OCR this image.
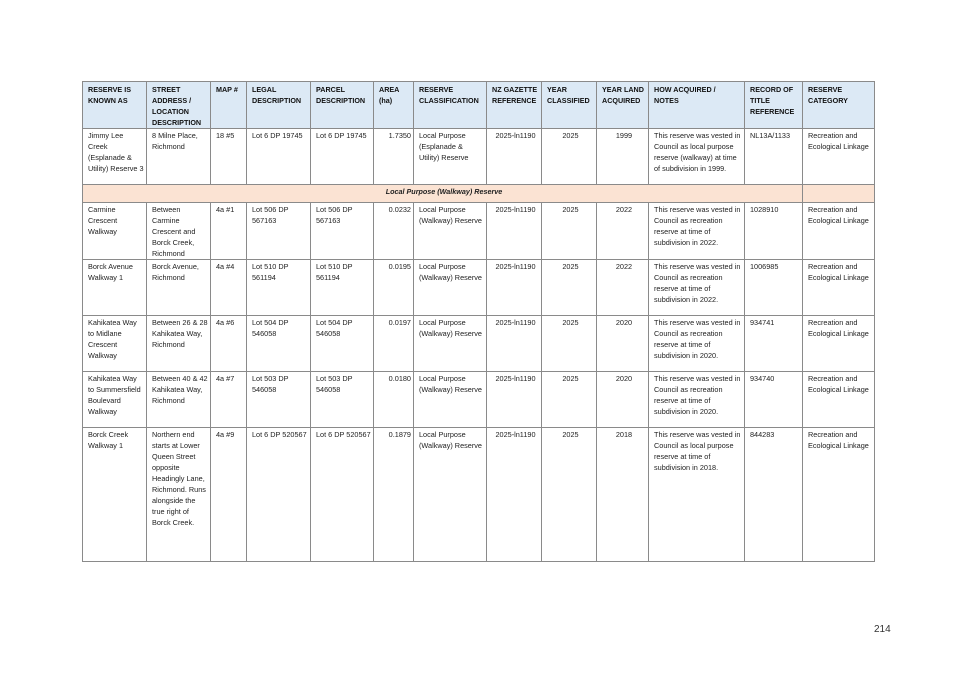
RESERVE IS KNOWN AS	STREET ADDRESS / LOCATION DESCRIPTION	MAP #	LEGAL DESCRIPTION	PARCEL DESCRIPTION	AREA (ha)	RESERVE CLASSIFICATION	NZ GAZETTE REFERENCE	YEAR CLASSIFIED	YEAR LAND ACQUIRED	HOW ACQUIRED / NOTES	RECORD OF TITLE REFERENCE	RESERVE CATEGORY
Jimmy Lee Creek (Esplanade & Utility) Reserve 3	8 Milne Place, Richmond	18 #5	Lot 6 DP 19745	Lot 6 DP 19745	1.7350	Local Purpose (Esplanade & Utility) Reserve	2025-ln1190	2025	1999	This reserve was vested in Council as local purpose reserve (walkway) at time of subdivision in 1999.	NL13A/1133	Recreation and Ecological Linkage
Local Purpose (Walkway) Reserve												
Carmine Crescent Walkway	Between Carmine Crescent and Borck Creek, Richmond	4a #1	Lot 506 DP 567163	Lot 506 DP 567163	0.0232	Local Purpose (Walkway) Reserve	2025-ln1190	2025	2022	This reserve was vested in Council as recreation reserve at time of subdivision in 2022.	1028910	Recreation and Ecological Linkage
Borck Avenue Walkway 1	Borck Avenue, Richmond	4a #4	Lot 510 DP 561194	Lot 510 DP 561194	0.0195	Local Purpose (Walkway) Reserve	2025-ln1190	2025	2022	This reserve was vested in Council as recreation reserve at time of subdivision in 2022.	1006985	Recreation and Ecological Linkage
Kahikatea Way to Midlane Crescent Walkway	Between 26 & 28 Kahikatea Way, Richmond	4a #6	Lot 504 DP 546058	Lot 504 DP 546058	0.0197	Local Purpose (Walkway) Reserve	2025-ln1190	2025	2020	This reserve was vested in Council as recreation reserve at time of subdivision in 2020.	934741	Recreation and Ecological Linkage
Kahikatea Way to Summersfield Boulevard Walkway	Between 40 & 42 Kahikatea Way, Richmond	4a #7	Lot 503 DP 546058	Lot 503 DP 546058	0.0180	Local Purpose (Walkway) Reserve	2025-ln1190	2025	2020	This reserve was vested in Council as recreation reserve at time of subdivision in 2020.	934740	Recreation and Ecological Linkage
Borck Creek Walkway 1	Northern end starts at Lower Queen Street opposite Headingly Lane, Richmond. Runs alongside the true right of Borck Creek.	4a #9	Lot 6 DP 520567	Lot 6 DP 520567	0.1879	Local Purpose (Walkway) Reserve	2025-ln1190	2025	2018	This reserve was vested in Council as local purpose reserve at time of subdivision in 2018.	844283	Recreation and Ecological Linkage
214
